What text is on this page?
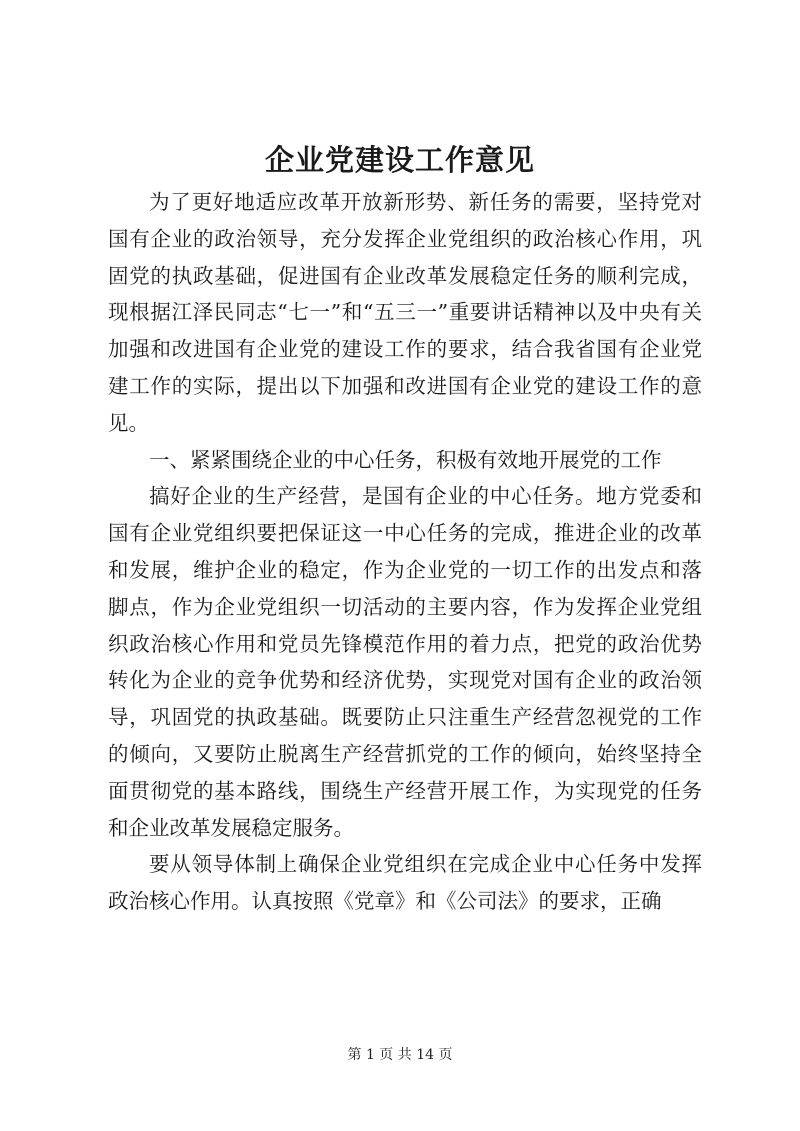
企业党建设工作意见

为了更好地适应改革开放新形势、新任务的需要，坚持党对国有企业的政治领导，充分发挥企业党组织的政治核心作用，巩固党的执政基础，促进国有企业改革发展稳定任务的顺利完成，现根据江泽民同志“七一”和“五三一”重要讲话精神以及中央有关加强和改进国有企业党的建设工作的要求，结合我省国有企业党建工作的实际，提出以下加强和改进国有企业党的建设工作的意见。

一、紧紧围绕企业的中心任务，积极有效地开展党的工作

搞好企业的生产经营，是国有企业的中心任务。地方党委和国有企业党组织要把保证这一中心任务的完成，推进企业的改革和发展，维护企业的稳定，作为企业党的一切工作的出发点和落脚点，作为企业党组织一切活动的主要内容，作为发挥企业党组织政治核心作用和党员先锋模范作用的着力点，把党的政治优势转化为企业的竞争优势和经济优势，实现党对国有企业的政治领导，巩固党的执政基础。既要防止只注重生产经营忽视党的工作的倾向，又要防止脱离生产经营抓党的工作的倾向，始终坚持全面贯彻党的基本路线，围绕生产经营开展工作，为实现党的任务和企业改革发展稳定服务。

要从领导体制上确保企业党组织在完成企业中心任务中发挥政治核心作用。认真按照《党章》和《公司法》的要求，正确

第 1 页 共 14 页
